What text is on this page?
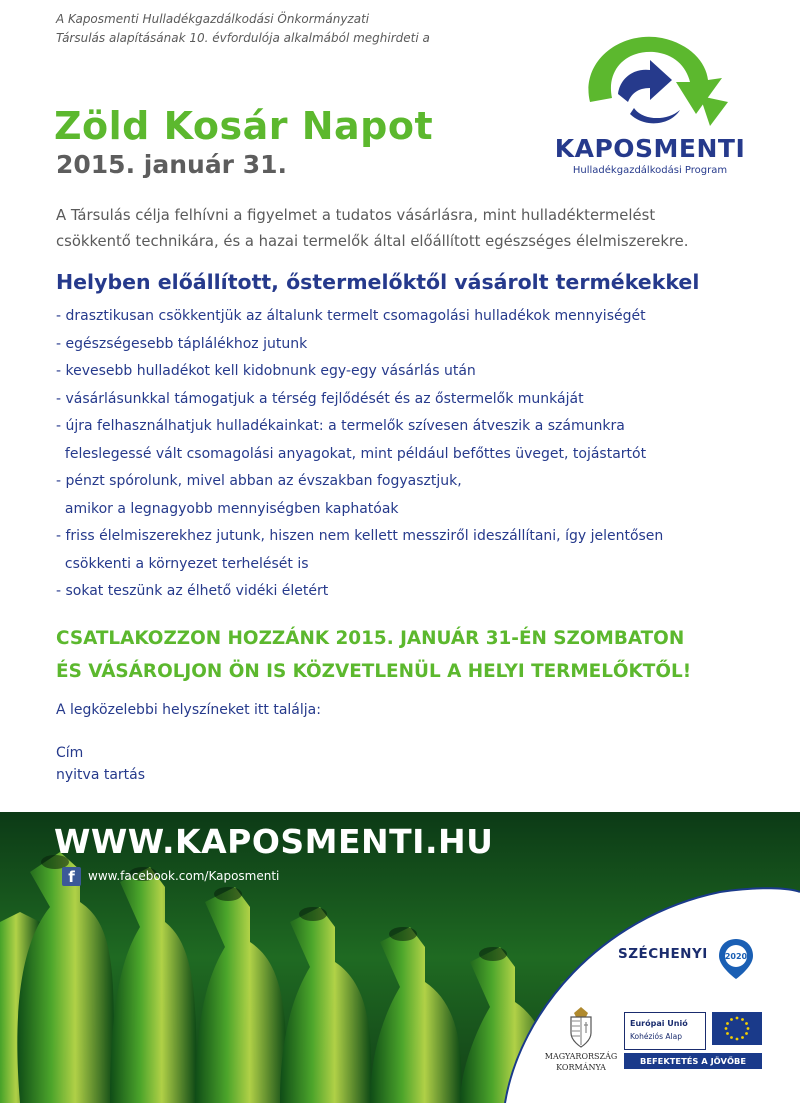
A Kaposmenti Hulladékgazdálkodási Önkormányzati
Társulás alapításának 10. évfordulója alkalmából meghirdeti a
KAPOSMENTI
Hulladékgazdálkodási Program
Zöld Kosár Napot
2015. január 31.
A Társulás célja felhívni a figyelmet a tudatos vásárlásra, mint hulladéktermelést
csökkentő technikára, és a hazai termelők által előállított egészséges élelmiszerekre.
Helyben előállított, őstermelőktől vásárolt termékekkel
- drasztikusan csökkentjük az általunk termelt csomagolási hulladékok mennyiségét
- egészségesebb táplálékhoz jutunk
- kevesebb hulladékot kell kidobnunk egy-egy vásárlás után
- vásárlásunkkal támogatjuk a térség fejlődését és az őstermelők munkáját
- újra felhasználhatjuk hulladékainkat: a termelők szívesen átveszik a számunkra
feleslegessé vált csomagolási anyagokat, mint például befőttes üveget, tojástartót
- pénzt spórolunk, mivel abban az évszakban fogyasztjuk,
amikor a legnagyobb mennyiségben kaphatóak
- friss élelmiszerekhez jutunk, hiszen nem kellett messziről ideszállítani, így jelentősen
csökkenti a környezet terhelését is
- sokat teszünk az élhető vidéki életért
CSATLAKOZZON HOZZÁNK 2015. JANUÁR 31-ÉN SZOMBATON
ÉS VÁSÁROLJON ÖN IS KÖZVETLENÜL A HELYI TERMELŐKTŐL!
A legközelebbi helyszíneket itt találja:
Cím
nyitva tartás
WWW.KAPOSMENTI.HU
f	www.facebook.com/Kaposmenti
SZÉCHENYI 2020
MAGYARORSZÁG
KORMÁNYA
Európai Unió
Kohéziós Alap
BEFEKTETÉS A JÖVŐBE
